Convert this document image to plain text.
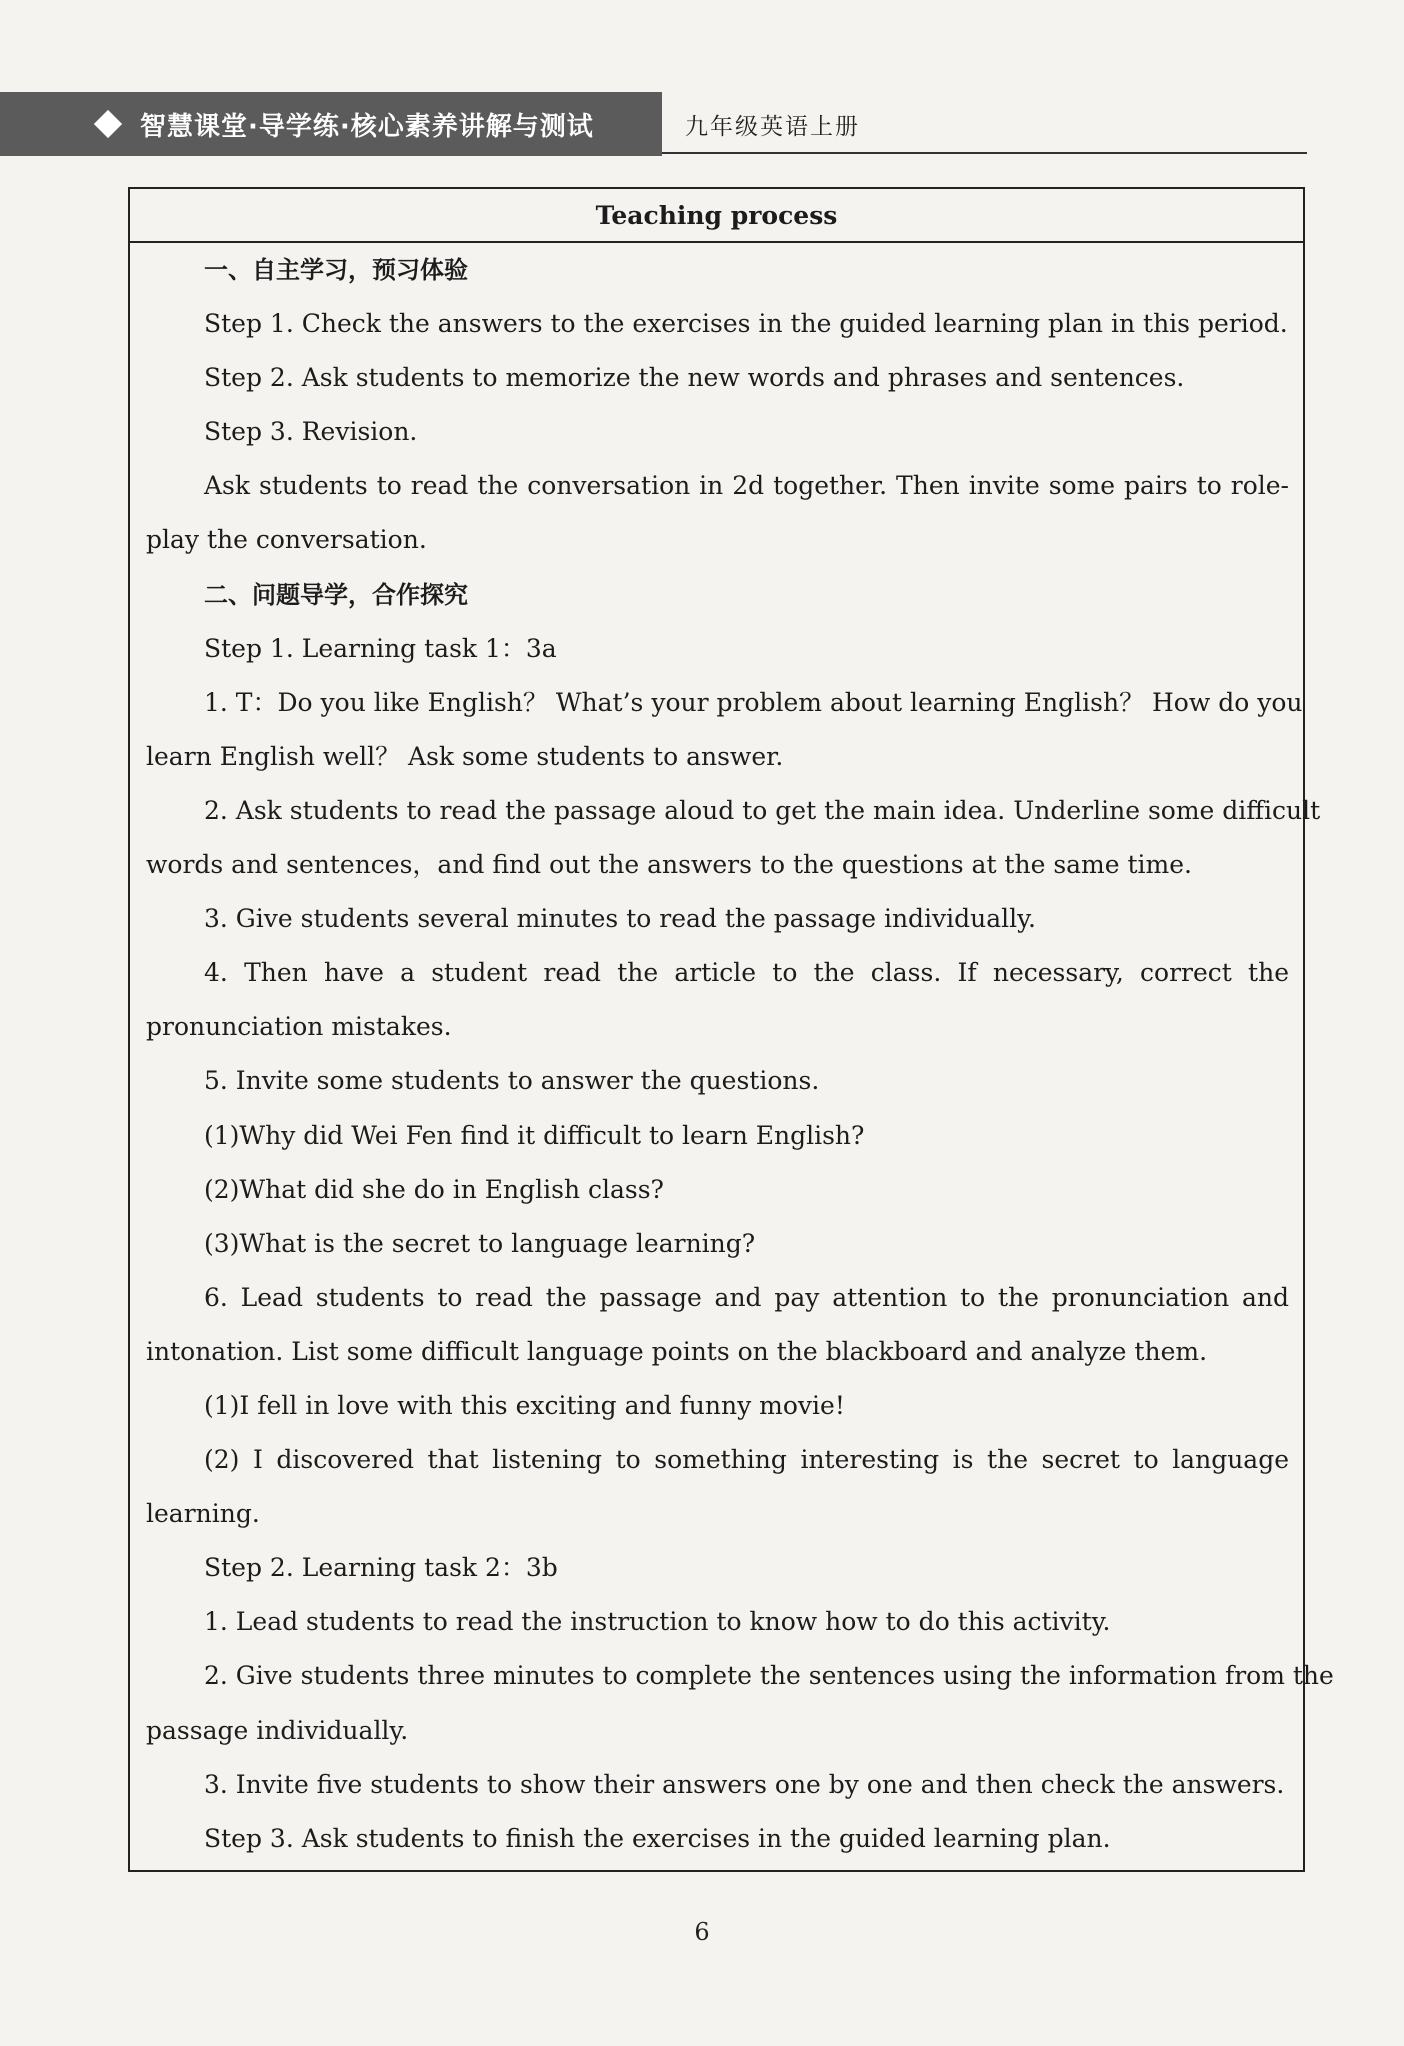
智慧课堂·导学练·核心素养讲解与测试	九年级英语上册
Teaching process

一、自主学习，预习体验

Step 1. Check the answers to the exercises in the guided learning plan in this period.

Step 2. Ask students to memorize the new words and phrases and sentences.

Step 3. Revision.

Ask students to read the conversation in 2d together. Then invite some pairs to role-

play the conversation.

二、问题导学，合作探究

Step 1. Learning task 1：3a

1. T：Do you like English？ What’s your problem about learning English？ How do you

learn English well？ Ask some students to answer.

2. Ask students to read the passage aloud to get the main idea. Underline some difficult

words and sentences，and find out the answers to the questions at the same time.

3. Give students several minutes to read the passage individually.

4. Then have a student read the article to the class. If necessary, correct the

pronunciation mistakes.

5. Invite some students to answer the questions.

(1)Why did Wei Fen find it difficult to learn English?

(2)What did she do in English class?

(3)What is the secret to language learning?

6. Lead students to read the passage and pay attention to the pronunciation and

intonation. List some difficult language points on the blackboard and analyze them.

(1)I fell in love with this exciting and funny movie!

(2) I discovered that listening to something interesting is the secret to language

learning.

Step 2. Learning task 2：3b

1. Lead students to read the instruction to know how to do this activity.

2. Give students three minutes to complete the sentences using the information from the

passage individually.

3. Invite five students to show their answers one by one and then check the answers.

Step 3. Ask students to finish the exercises in the guided learning plan.

6
